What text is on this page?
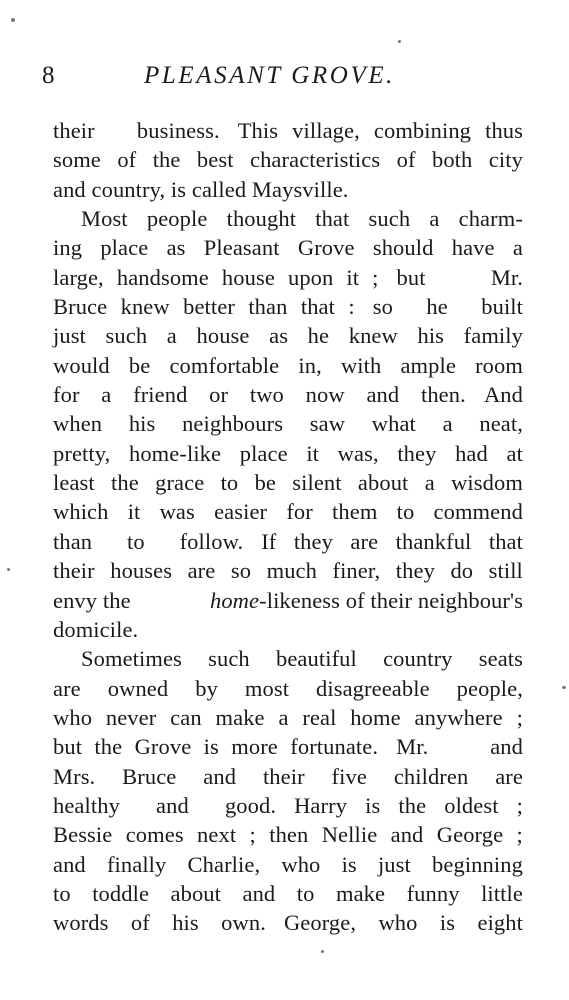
8	PLEASANT GROVE.
their business. This village, combining thus
some of the best characteristics of both city
and country, is called Maysville.
Most people thought that such a charm-
ing place as Pleasant Grove should have a
large, handsome house upon it ; but	Mr.
Bruce knew better than that : so he built
just such a house as he knew his family
would be comfortable in, with ample room
for a friend or two now and then. And
when his neighbours saw what a neat,
pretty, home-like place it was, they had at
least the grace to be silent about a wisdom
which it was easier for them to commend
than to follow. If they are thankful that
their houses are so much finer, they do still
envy the	home-likeness of their neighbour's
domicile.
Sometimes such beautiful country seats
are owned by most disagreeable people,
who never can make a real home anywhere ;
but the Grove is more fortunate. Mr.	and
Mrs. Bruce and their five children are
healthy and good. Harry is the oldest ;
Bessie comes next ; then Nellie and George ;
and finally Charlie, who is just beginning
to toddle about and to make funny little
words of his own. George, who is eight
